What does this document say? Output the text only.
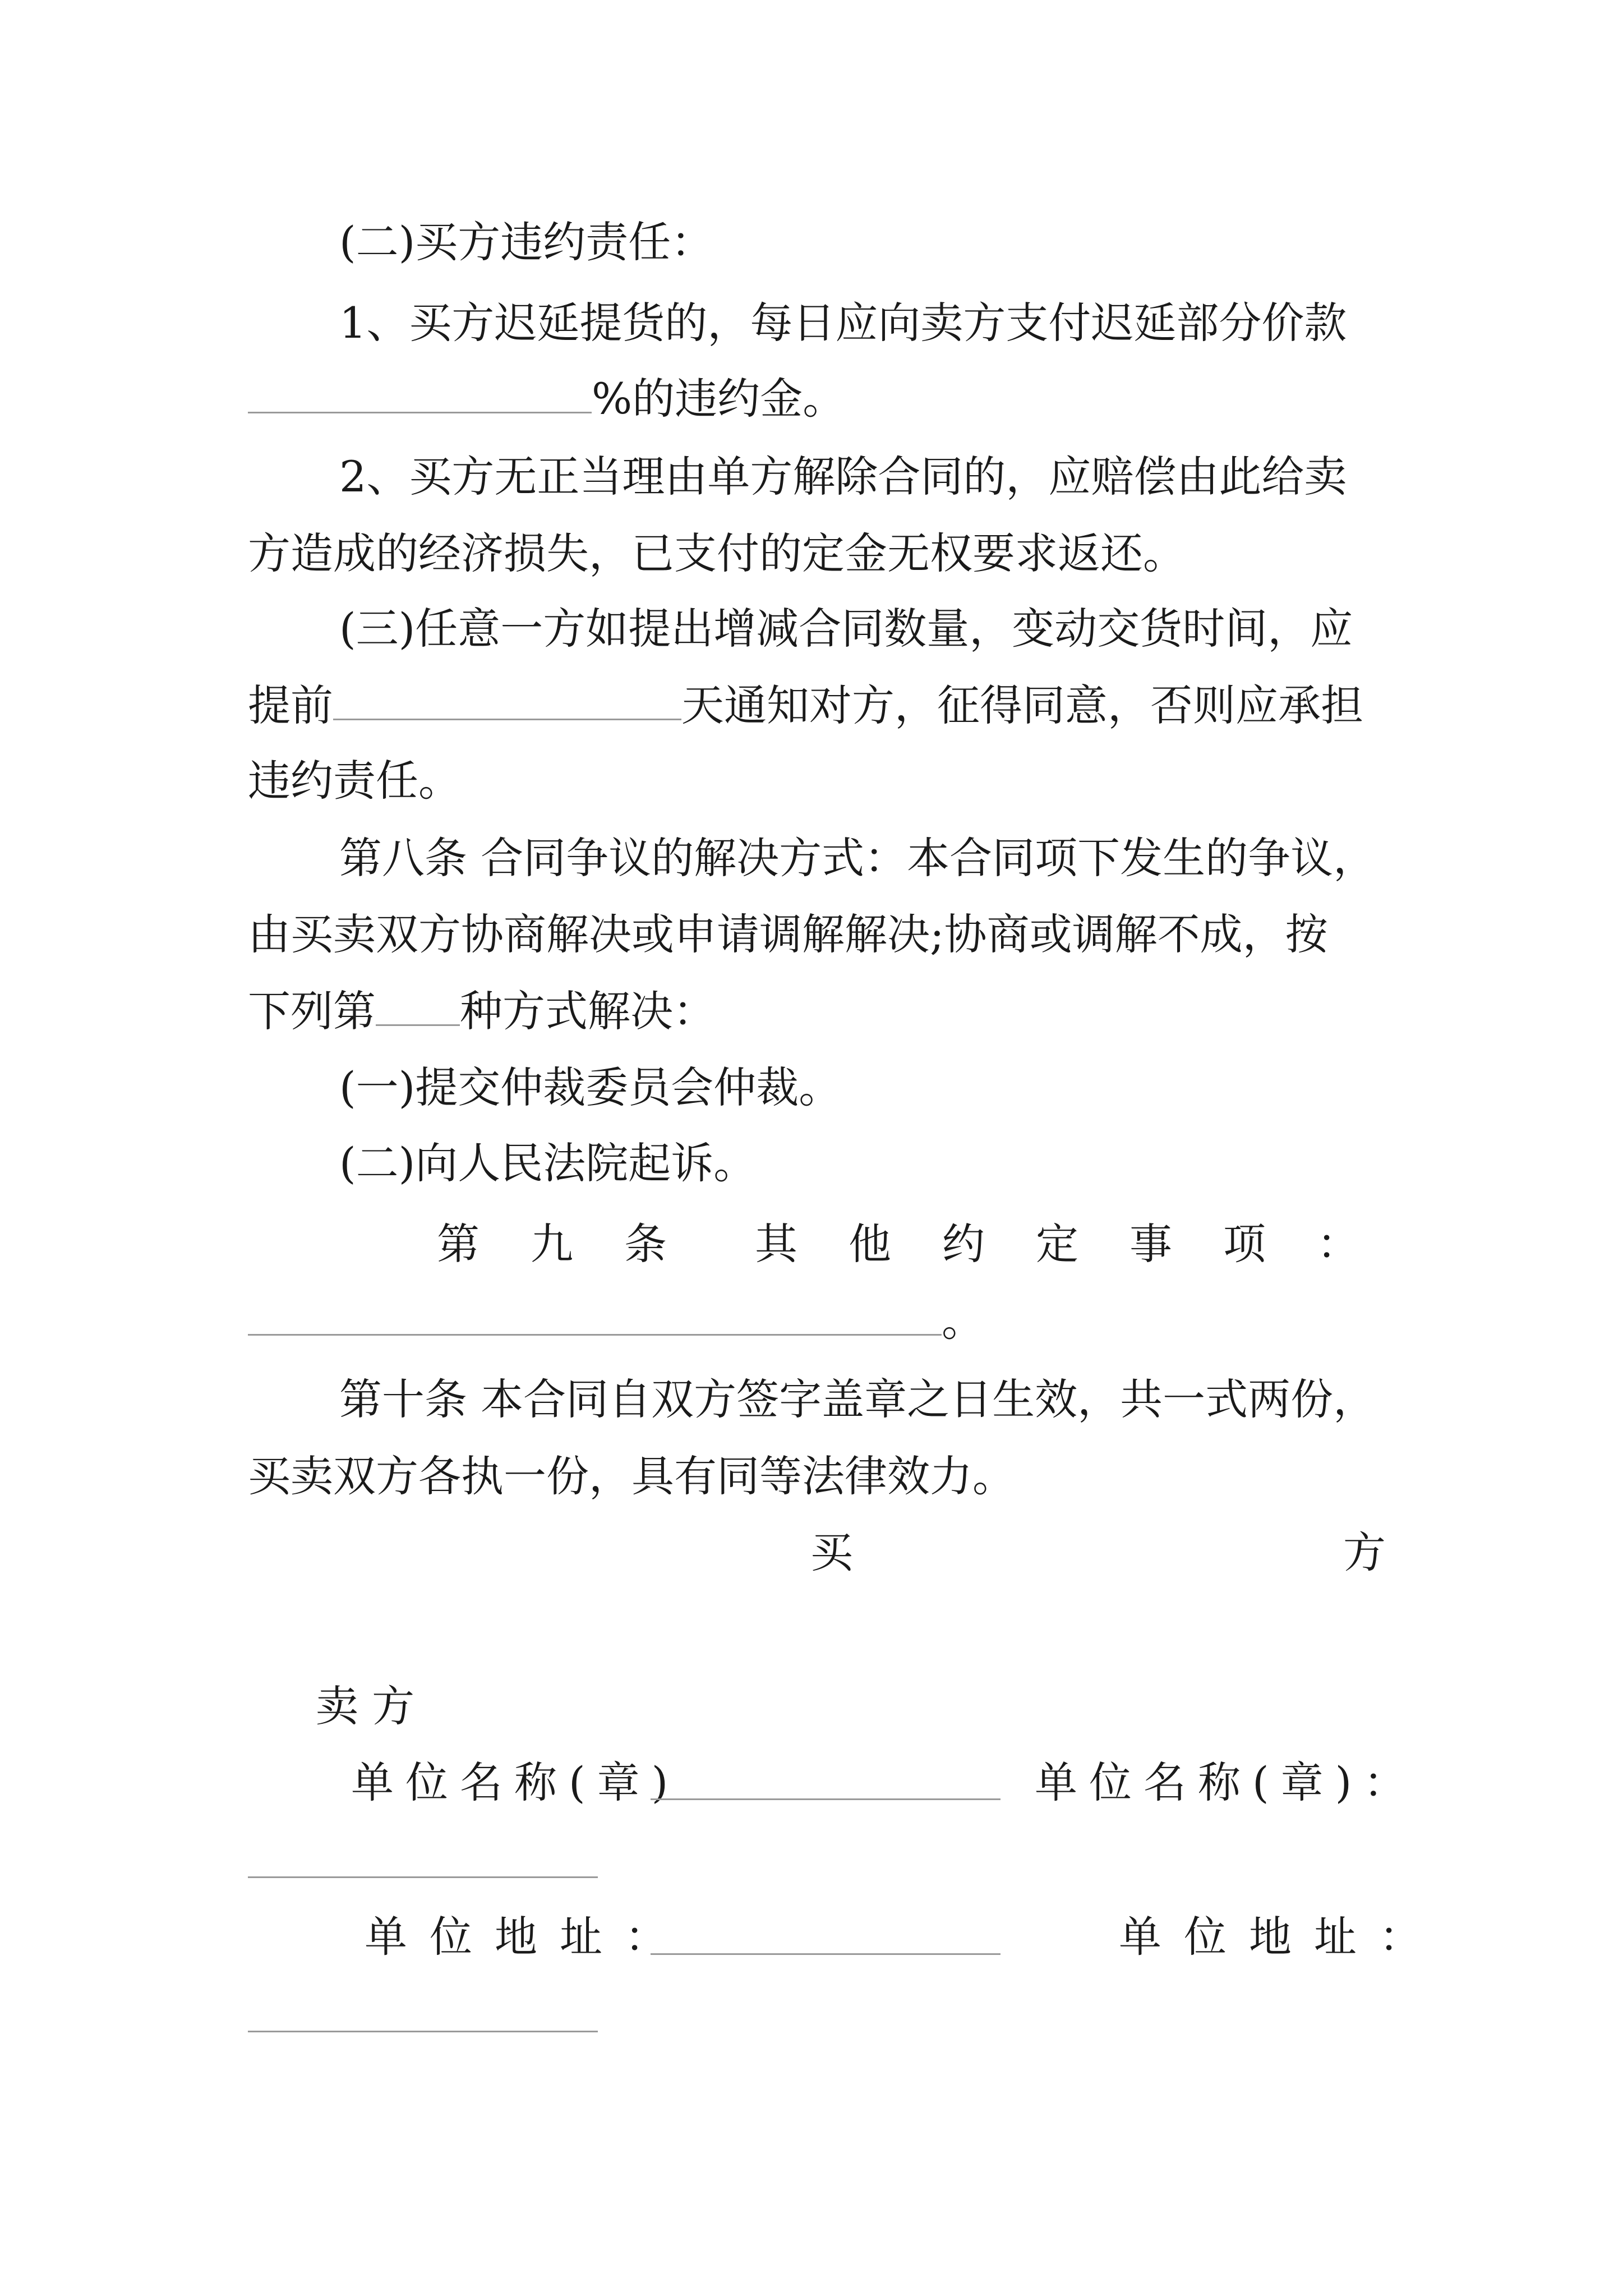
(二)买方违约责任：

1、买方迟延提货的，每日应向卖方支付迟延部分价款

%的违约金。

2、买方无正当理由单方解除合同的，应赔偿由此给卖

方造成的经济损失，已支付的定金无权要求返还。

(三)任意一方如提出增减合同数量，变动交货时间，应

提前	天通知对方，征得同意，否则应承担

违约责任。

第八条 合同争议的解决方式：本合同项下发生的争议，

由买卖双方协商解决或申请调解解决;协商或调解不成，按

下列第 种方式解决：

(一)提交仲裁委员会仲裁。

(二)向人民法院起诉。

第 九 条 其 他 约 定 事 项 ：

。

第十条 本合同自双方签字盖章之日生效，共一式两份，

买卖双方各执一份，具有同等法律效力。

买	方

卖 方

单位名称(章)	单位名称(章)：

单位地址：	单位地址：
